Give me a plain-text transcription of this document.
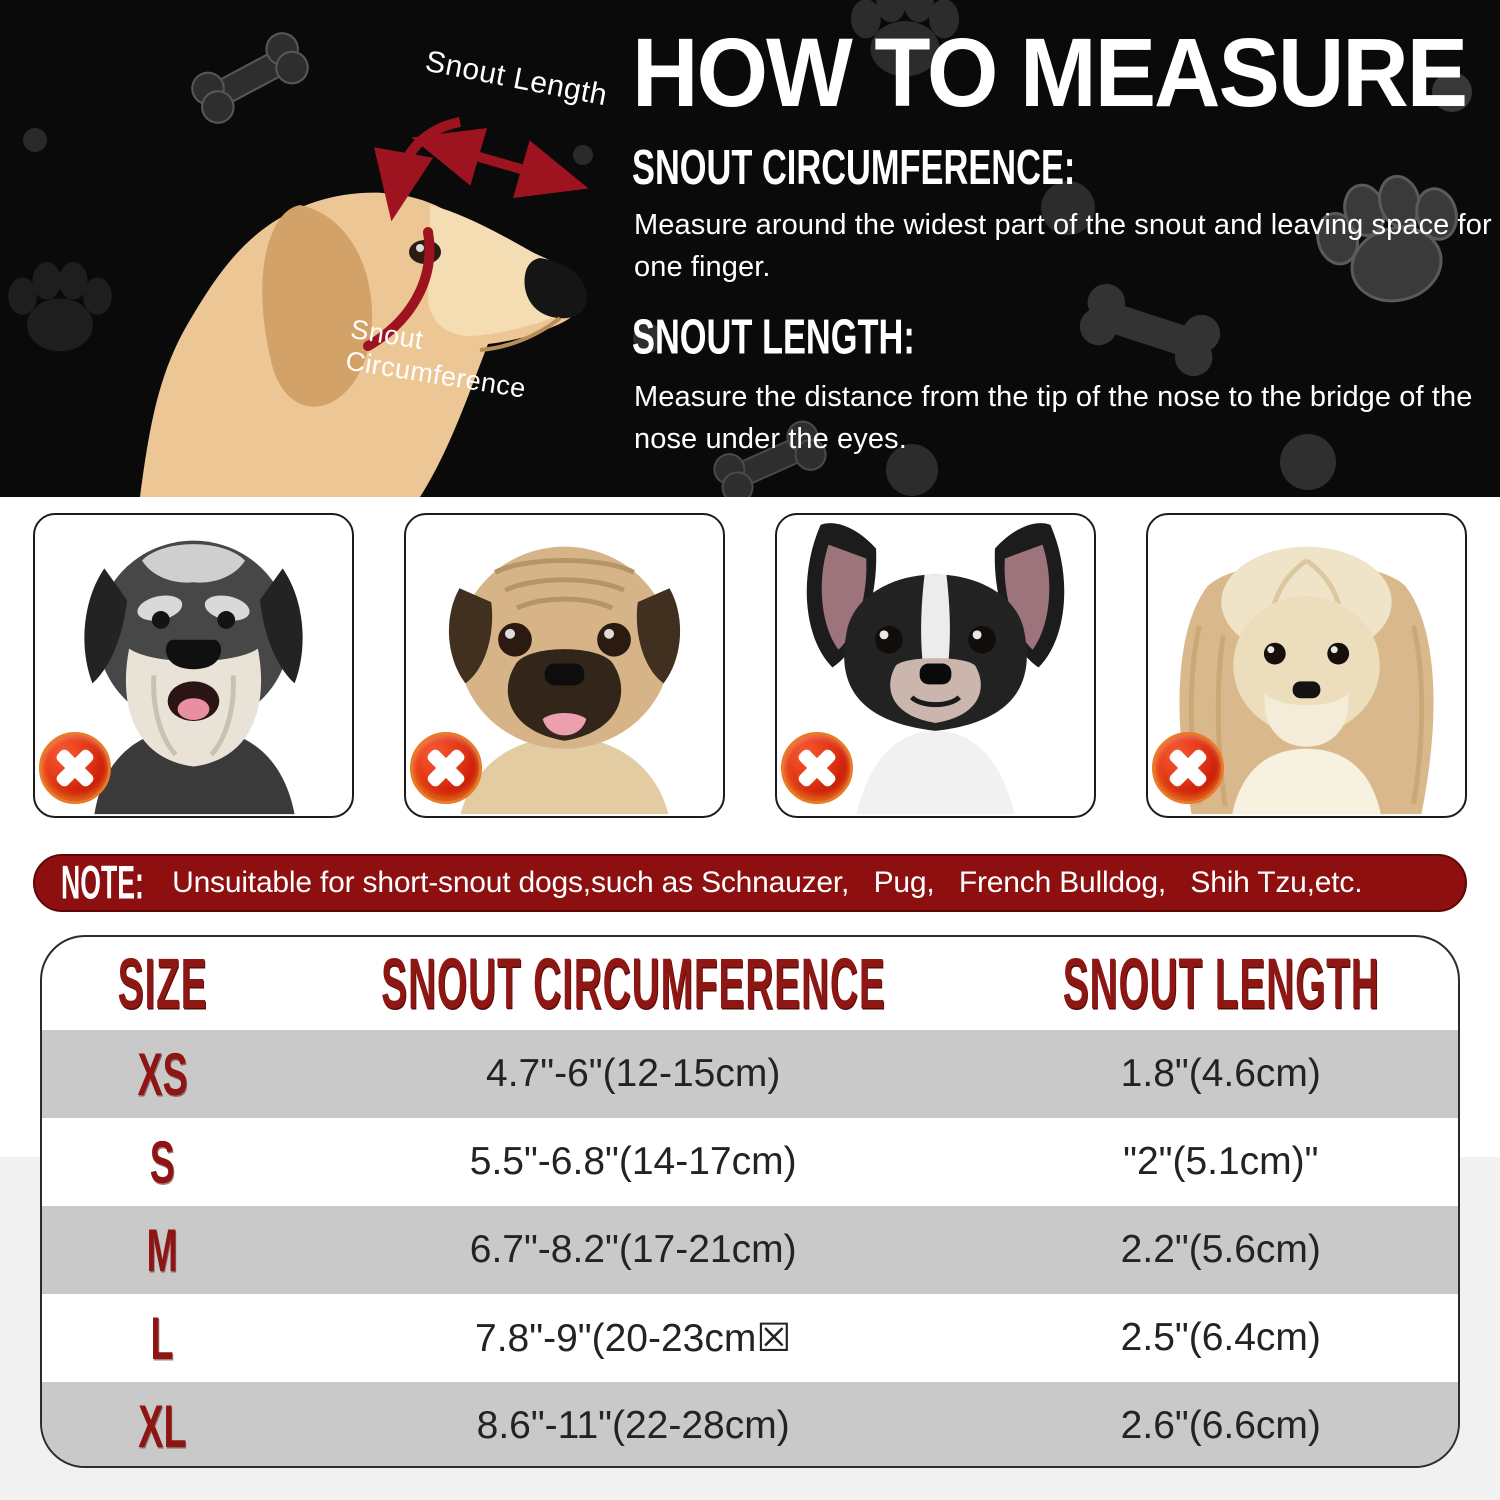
Snout Length
Snout Circumference
HOW TO MEASURE
SNOUT CIRCUMFERENCE:

Measure around the widest part of the snout and leaving space for one finger.

SNOUT LENGTH:

Measure the distance from the tip of the nose to the bridge of the nose under the eyes.

NOTE: Unsuitable for short-snout dogs,such as Schnauzer,   Pug,   French Bulldog,   Shih Tzu,etc.
SIZE	SNOUT CIRCUMFERENCE	SNOUT LENGTH
XS	4.7"-6"(12-15cm)	1.8"(4.6cm)
S	5.5"-6.8"(14-17cm)	"2"(5.1cm)"
M	6.7"-8.2"(17-21cm)	2.2"(5.6cm)
L	7.8"-9"(20-23cm☒	2.5"(6.4cm)
XL	8.6"-11"(22-28cm)	2.6"(6.6cm)
